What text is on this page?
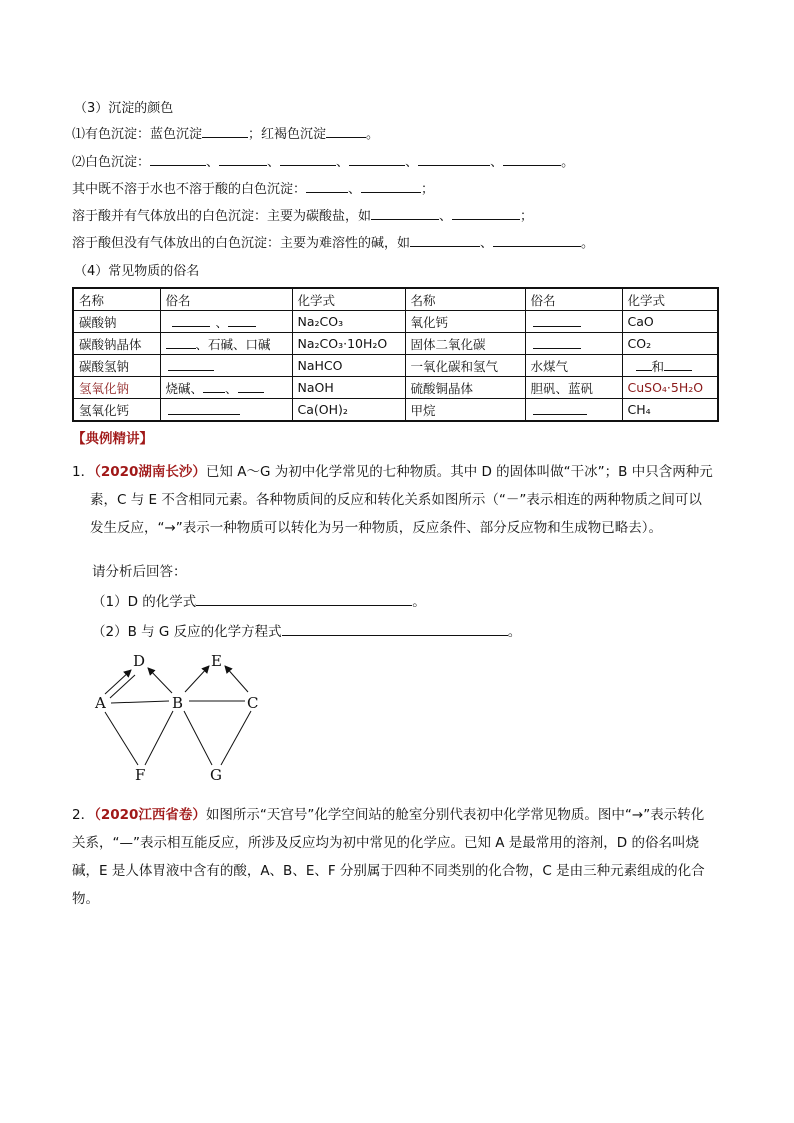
（3）沉淀的颜色
⑴有色沉淀：蓝色沉淀	；红褐色沉淀	。
⑵白色沉淀：	、	、	、	、	、	。
其中既不溶于水也不溶于酸的白色沉淀：	、	；
溶于酸并有气体放出的白色沉淀：主要为碳酸盐，如	、	；
溶于酸但没有气体放出的白色沉淀：主要为难溶性的碱，如	、	。
（4）常见物质的俗名
名称	俗名	化学式	名称	俗名	化学式
碳酸钠	、	Na₂CO₃	氧化钙		CaO
碳酸钠晶体	、石碱、口碱	Na₂CO₃·10H₂O	固体二氧化碳		CO₂
碳酸氢钠		NaHCO	一氧化碳和氢气	水煤气	和
氢氧化钠	烧碱、 、	NaOH	硫酸铜晶体	胆矾、蓝矾	CuSO₄·5H₂O
氢氧化钙		Ca(OH)₂	甲烷		CH₄
【典例精讲】
1．（2020湖南长沙）已知 A～G 为初中化学常见的七种物质。其中 D 的固体叫做“干冰”；B 中只含两种元
素，C 与 E 不含相同元素。各种物质间的反应和转化关系如图所示（“－”表示相连的两种物质之间可以
发生反应，“→”表示一种物质可以转化为另一种物质，反应条件、部分反应物和生成物已略去）。
请分析后回答：
（1）D 的化学式	。
（2）B 与 G 反应的化学方程式	。
D	E
A	B	C
F	G
2．（2020江西省卷）如图所示“天宫号”化学空间站的舱室分别代表初中化学常见物质。图中“→”表示转化
关系，“—”表示相互能反应，所涉及反应均为初中常见的化学应。已知 A 是最常用的溶剂，D 的俗名叫烧
碱，E 是人体胃液中含有的酸，A、B、E、F 分别属于四种不同类别的化合物，C 是由三种元素组成的化合
物。
